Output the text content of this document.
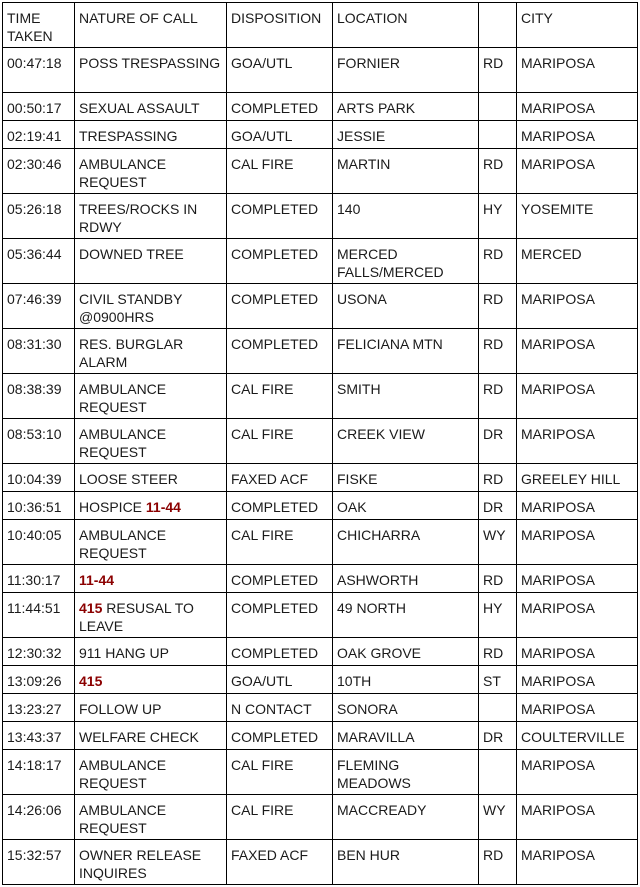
TIME TAKEN	NATURE OF CALL	DISPOSITION	LOCATION		CITY
00:47:18	POSS TRESPASSING	GOA/UTL	FORNIER	RD	MARIPOSA
00:50:17	SEXUAL ASSAULT	COMPLETED	ARTS PARK		MARIPOSA
02:19:41	TRESPASSING	GOA/UTL	JESSIE		MARIPOSA
02:30:46	AMBULANCE REQUEST	CAL FIRE	MARTIN	RD	MARIPOSA
05:26:18	TREES/ROCKS IN RDWY	COMPLETED	140	HY	YOSEMITE
05:36:44	DOWNED TREE	COMPLETED	MERCED FALLS/MERCED	RD	MERCED
07:46:39	CIVIL STANDBY @0900HRS	COMPLETED	USONA	RD	MARIPOSA
08:31:30	RES. BURGLAR ALARM	COMPLETED	FELICIANA MTN	RD	MARIPOSA
08:38:39	AMBULANCE REQUEST	CAL FIRE	SMITH	RD	MARIPOSA
08:53:10	AMBULANCE REQUEST	CAL FIRE	CREEK VIEW	DR	MARIPOSA
10:04:39	LOOSE STEER	FAXED ACF	FISKE	RD	GREELEY HILL
10:36:51	HOSPICE 11-44	COMPLETED	OAK	DR	MARIPOSA
10:40:05	AMBULANCE REQUEST	CAL FIRE	CHICHARRA	WY	MARIPOSA
11:30:17	11-44	COMPLETED	ASHWORTH	RD	MARIPOSA
11:44:51	415 RESUSAL TO LEAVE	COMPLETED	49 NORTH	HY	MARIPOSA
12:30:32	911 HANG UP	COMPLETED	OAK GROVE	RD	MARIPOSA
13:09:26	415	GOA/UTL	10TH	ST	MARIPOSA
13:23:27	FOLLOW UP	N CONTACT	SONORA		MARIPOSA
13:43:37	WELFARE CHECK	COMPLETED	MARAVILLA	DR	COULTERVILLE
14:18:17	AMBULANCE REQUEST	CAL FIRE	FLEMING MEADOWS		MARIPOSA
14:26:06	AMBULANCE REQUEST	CAL FIRE	MACCREADY	WY	MARIPOSA
15:32:57	OWNER RELEASE INQUIRES	FAXED ACF	BEN HUR	RD	MARIPOSA
